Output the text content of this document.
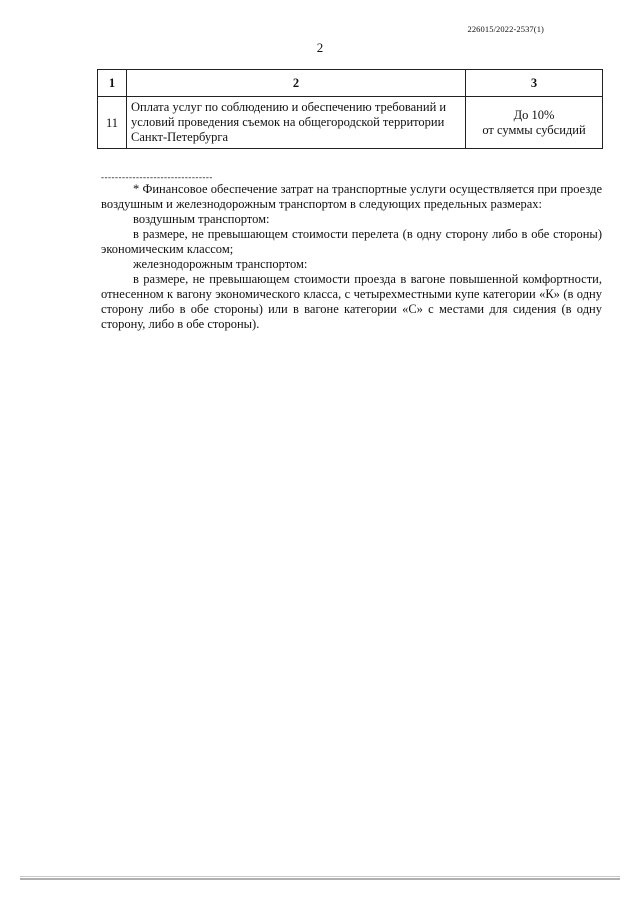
226015/2022-2537(1)
2
1	2	3
11	Оплата услуг по соблюдению и обеспечению требований и условий проведения съемок на общегородской территории Санкт-Петербурга	До 10%
от суммы субсидий
--------------------------------

* Финансовое обеспечение затрат на транспортные услуги осуществляется при проезде воздушным и железнодорожным транспортом в следующих предельных размерах:

воздушным транспортом:

в размере, не превышающем стоимости перелета (в одну сторону либо в обе стороны) экономическим классом;

железнодорожным транспортом:

в размере, не превышающем стоимости проезда в вагоне повышенной комфортности, отнесенном к вагону экономического класса, с четырехместными купе категории «К» (в одну сторону либо в обе стороны) или в вагоне категории «С» с местами для сидения (в одну сторону, либо в обе стороны).
